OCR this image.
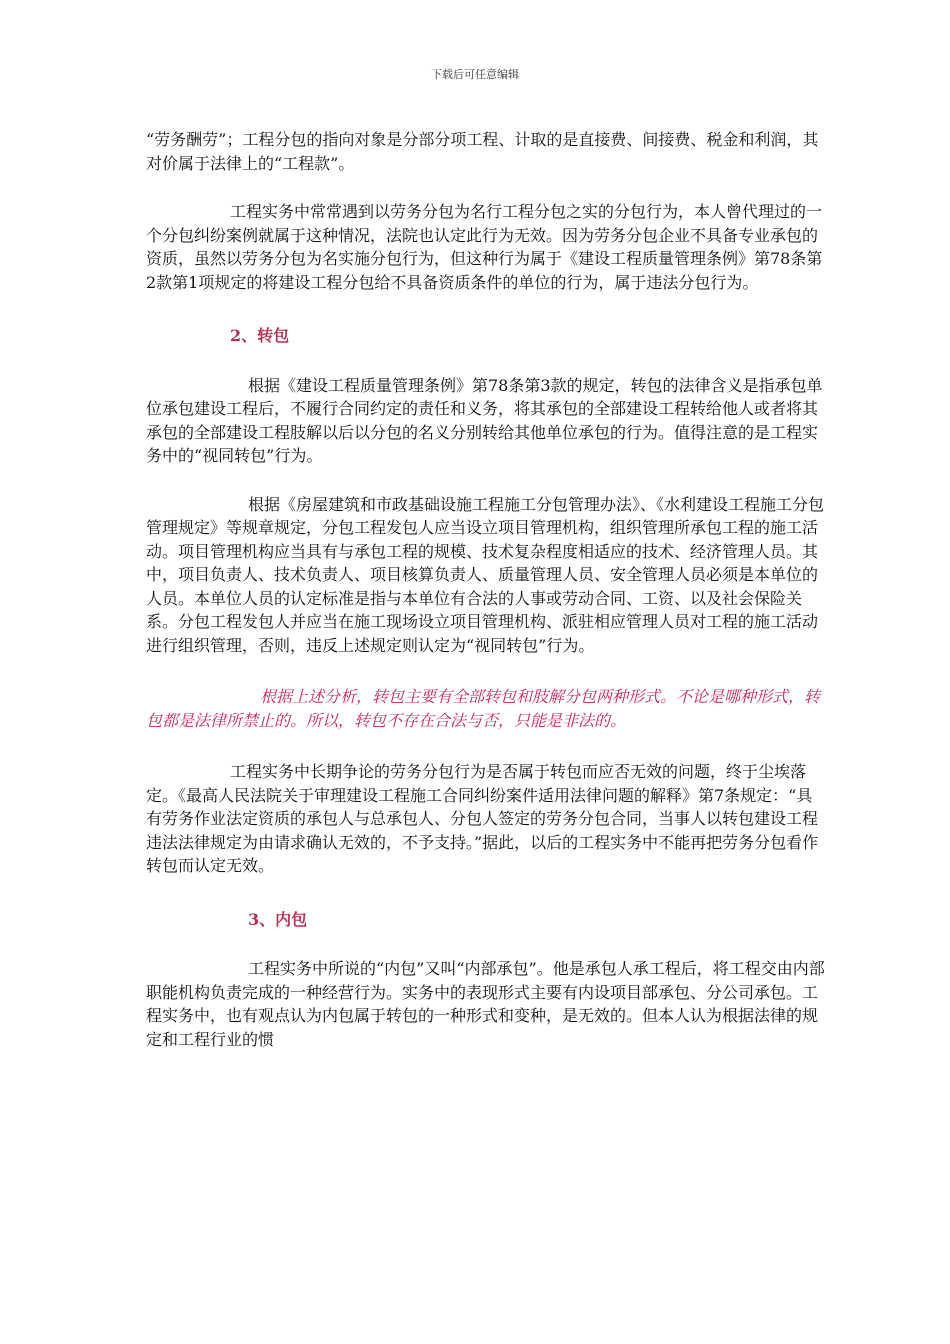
下载后可任意编辑

“劳务酬劳”；工程分包的指向对象是分部分项工程、计取的是直接费、间接费、税金和利润，其对价属于法律上的“工程款”。

工程实务中常常遇到以劳务分包为名行工程分包之实的分包行为，本人曾代理过的一个分包纠纷案例就属于这种情况，法院也认定此行为无效。因为劳务分包企业不具备专业承包的资质，虽然以劳务分包为名实施分包行为，但这种行为属于《建设工程质量管理条例》第78条第2款第1项规定的将建设工程分包给不具备资质条件的单位的行为，属于违法分包行为。

2、转包

根据《建设工程质量管理条例》第78条第3款的规定，转包的法律含义是指承包单位承包建设工程后，不履行合同约定的责任和义务，将其承包的全部建设工程转给他人或者将其承包的全部建设工程肢解以后以分包的名义分别转给其他单位承包的行为。值得注意的是工程实务中的“视同转包”行为。

根据《房屋建筑和市政基础设施工程施工分包管理办法》、《水利建设工程施工分包管理规定》等规章规定，分包工程发包人应当设立项目管理机构，组织管理所承包工程的施工活动。项目管理机构应当具有与承包工程的规模、技术复杂程度相适应的技术、经济管理人员。其中，项目负责人、技术负责人、项目核算负责人、质量管理人员、安全管理人员必须是本单位的人员。本单位人员的认定标准是指与本单位有合法的人事或劳动合同、工资、以及社会保险关系。分包工程发包人并应当在施工现场设立项目管理机构、派驻相应管理人员对工程的施工活动进行组织管理，否则，违反上述规定则认定为“视同转包”行为。

根据上述分析，转包主要有全部转包和肢解分包两种形式。不论是哪种形式，转包都是法律所禁止的。所以，转包不存在合法与否，只能是非法的。

工程实务中长期争论的劳务分包行为是否属于转包而应否无效的问题，终于尘埃落定。《最高人民法院关于审理建设工程施工合同纠纷案件适用法律问题的解释》第7条规定：“具有劳务作业法定资质的承包人与总承包人、分包人签定的劳务分包合同，当事人以转包建设工程违法法律规定为由请求确认无效的，不予支持。”据此，以后的工程实务中不能再把劳务分包看作转包而认定无效。

3、内包

工程实务中所说的“内包”又叫“内部承包”。他是承包人承工程后，将工程交由内部职能机构负责完成的一种经营行为。实务中的表现形式主要有内设项目部承包、分公司承包。工程实务中，也有观点认为内包属于转包的一种形式和变种，是无效的。但本人认为根据法律的规定和工程行业的惯
